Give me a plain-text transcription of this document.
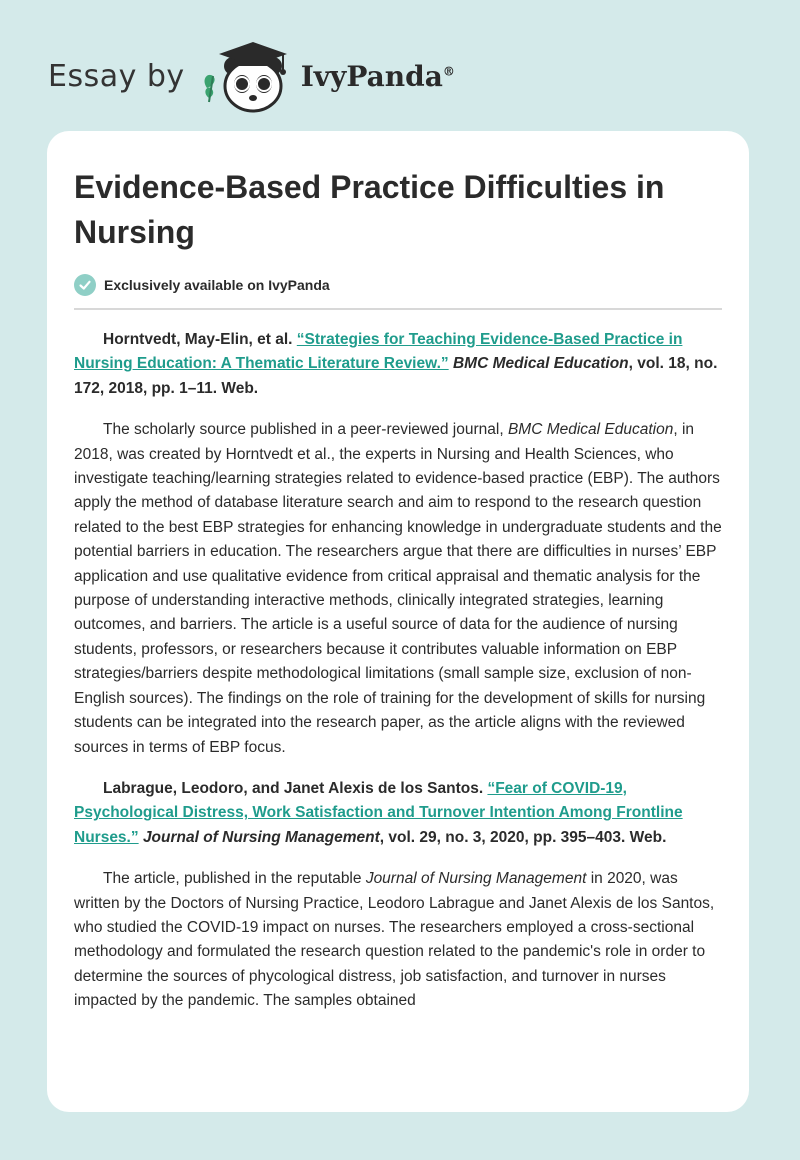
Essay by	IvyPanda®
Evidence-Based Practice Difficulties in Nursing
Exclusively available on IvyPanda

Horntvedt, May-Elin, et al. “Strategies for Teaching Evidence-Based Practice in Nursing Education: A Thematic Literature Review.” BMC Medical Education, vol. 18, no. 172, 2018, pp. 1–11. Web.

The scholarly source published in a peer-reviewed journal, BMC Medical Education, in 2018, was created by Horntvedt et al., the experts in Nursing and Health Sciences, who investigate teaching/learning strategies related to evidence-based practice (EBP). The authors apply the method of database literature search and aim to respond to the research question related to the best EBP strategies for enhancing knowledge in undergraduate students and the potential barriers in education. The researchers argue that there are difficulties in nurses’ EBP application and use qualitative evidence from critical appraisal and thematic analysis for the purpose of understanding interactive methods, clinically integrated strategies, learning outcomes, and barriers. The article is a useful source of data for the audience of nursing students, professors, or researchers because it contributes valuable information on EBP strategies/barriers despite methodological limitations (small sample size, exclusion of non-English sources). The findings on the role of training for the development of skills for nursing students can be integrated into the research paper, as the article aligns with the reviewed sources in terms of EBP focus.

Labrague, Leodoro, and Janet Alexis de los Santos. “Fear of COVID-19, Psychological Distress, Work Satisfaction and Turnover Intention Among Frontline Nurses.” Journal of Nursing Management, vol. 29, no. 3, 2020, pp. 395–403. Web.

The article, published in the reputable Journal of Nursing Management in 2020, was written by the Doctors of Nursing Practice, Leodoro Labrague and Janet Alexis de los Santos, who studied the COVID-19 impact on nurses. The researchers employed a cross-sectional methodology and formulated the research question related to the pandemic's role in order to determine the sources of phycological distress, job satisfaction, and turnover in nurses impacted by the pandemic. The samples obtained
